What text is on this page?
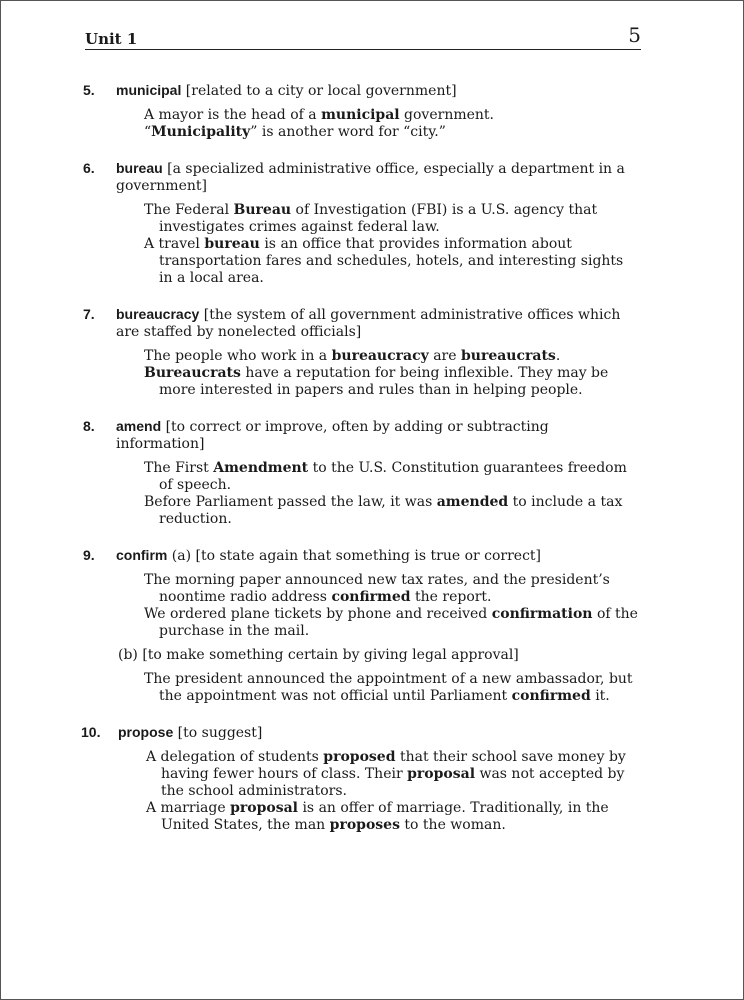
Unit 1	5
5.	municipal [related to a city or local government]
A mayor is the head of a municipal government.
“Municipality” is another word for “city.”
6.	bureau [a specialized administrative office, especially a department in a government]
The Federal Bureau of Investigation (FBI) is a U.S. agency that investigates crimes against federal law.
A travel bureau is an office that provides information about transportation fares and schedules, hotels, and interesting sights in a local area.
7.	bureaucracy [the system of all government administrative offices which are staffed by nonelected officials]
The people who work in a bureaucracy are bureaucrats.
Bureaucrats have a reputation for being inflexible. They may be more interested in papers and rules than in helping people.
8.	amend [to correct or improve, often by adding or subtracting information]
The First Amendment to the U.S. Constitution guarantees freedom of speech.
Before Parliament passed the law, it was amended to include a tax reduction.
9.	confirm (a) [to state again that something is true or correct]
The morning paper announced new tax rates, and the president’s noontime radio address confirmed the report.
We ordered plane tickets by phone and received confirmation of the purchase in the mail.
(b) [to make something certain by giving legal approval]
The president announced the appointment of a new ambassador, but the appointment was not official until Parliament confirmed it.
10.	propose [to suggest]
A delegation of students proposed that their school save money by having fewer hours of class. Their proposal was not accepted by the school administrators.
A marriage proposal is an offer of marriage. Traditionally, in the United States, the man proposes to the woman.
